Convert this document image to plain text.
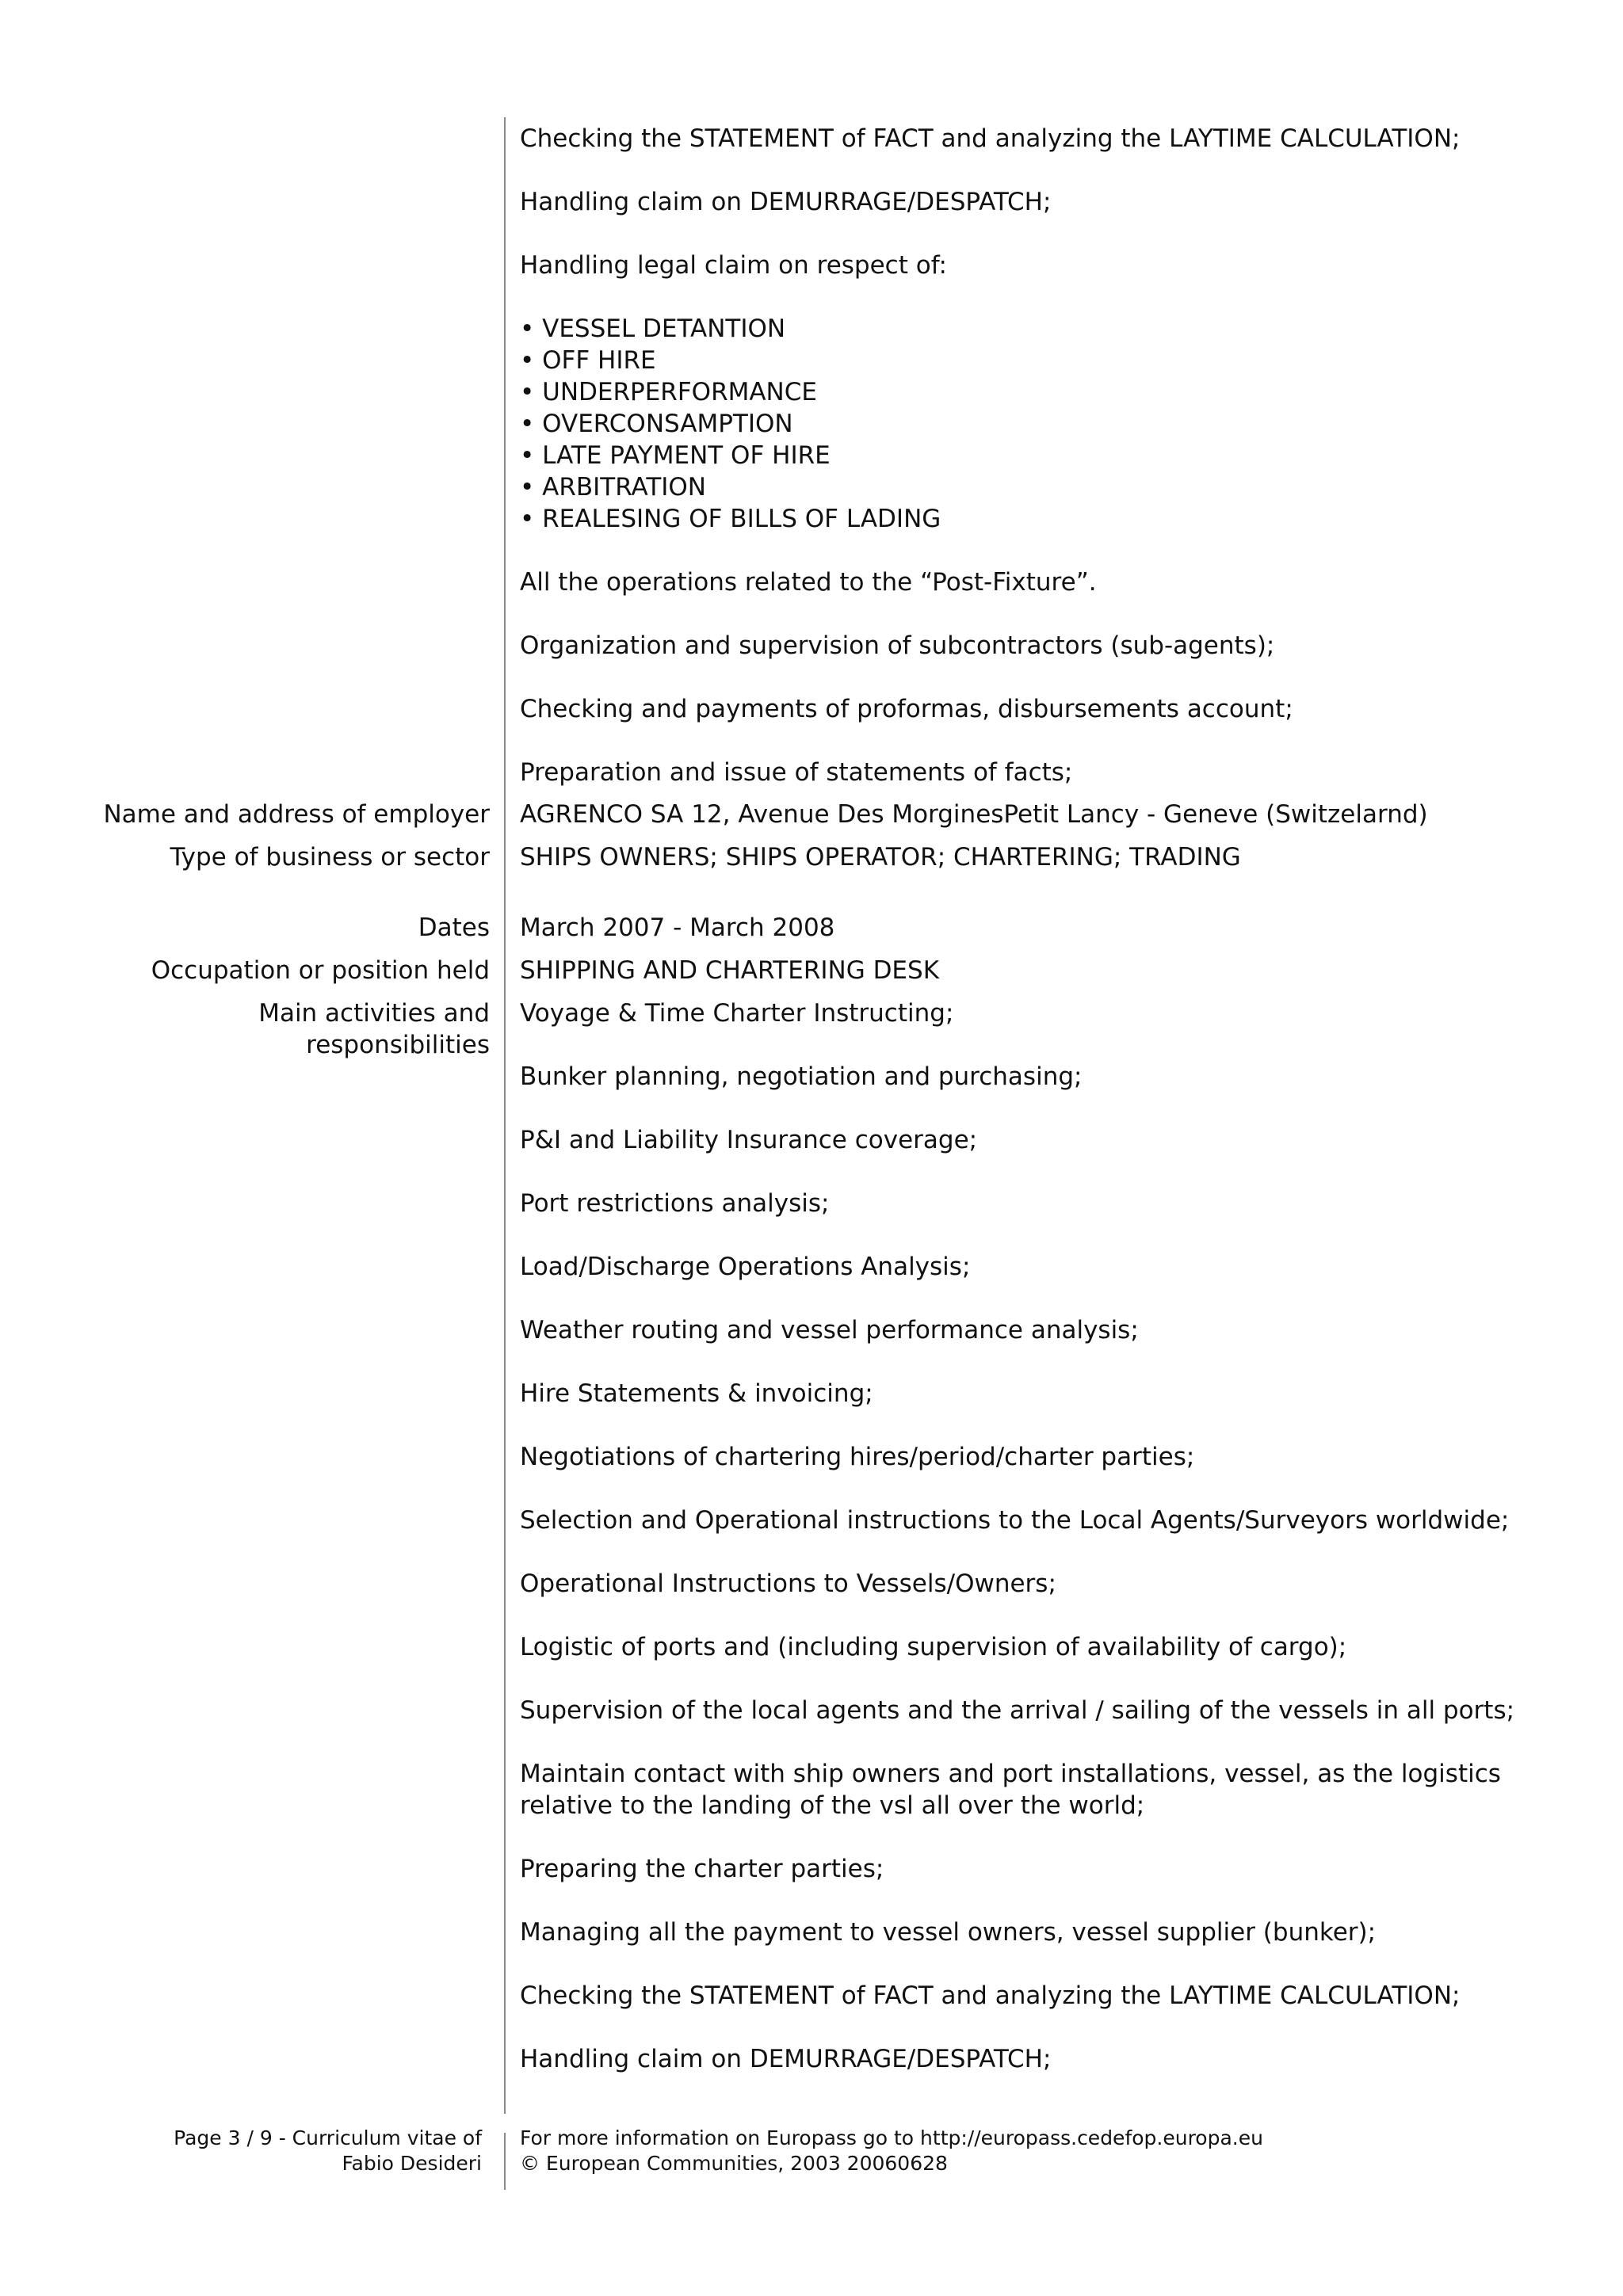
Checking the STATEMENT of FACT and analyzing the LAYTIME CALCULATION;
Handling claim on DEMURRAGE/DESPATCH;
Handling legal claim on respect of:
• VESSEL DETANTION
• OFF HIRE
• UNDERPERFORMANCE
• OVERCONSAMPTION
• LATE PAYMENT OF HIRE
• ARBITRATION
• REALESING OF BILLS OF LADING
All the operations related to the “Post-Fixture”.
Organization and supervision of subcontractors (sub-agents);
Checking and payments of proformas, disbursements account;
Preparation and issue of statements of facts;
Name and address of employer AGRENCO SA 12, Avenue Des MorginesPetit Lancy - Geneve (Switzelarnd)
Type of business or sector SHIPS OWNERS; SHIPS OPERATOR; CHARTERING; TRADING
Dates March 2007 - March 2008
Occupation or position held SHIPPING AND CHARTERING DESK
Main activities and
responsibilities
Voyage & Time Charter Instructing;
Bunker planning, negotiation and purchasing;
P&I and Liability Insurance coverage;
Port restrictions analysis;
Load/Discharge Operations Analysis;
Weather routing and vessel performance analysis;
Hire Statements & invoicing;
Negotiations of chartering hires/period/charter parties;
Selection and Operational instructions to the Local Agents/Surveyors worldwide;
Operational Instructions to Vessels/Owners;
Logistic of ports and (including supervision of availability of cargo);
Supervision of the local agents and the arrival / sailing of the vessels in all ports;
Maintain contact with ship owners and port installations, vessel, as the logistics
relative to the landing of the vsl all over the world;
Preparing the charter parties;
Managing all the payment to vessel owners, vessel supplier (bunker);
Checking the STATEMENT of FACT and analyzing the LAYTIME CALCULATION;
Handling claim on DEMURRAGE/DESPATCH;
Page 3 / 9 - Curriculum vitae of
Fabio Desideri
For more information on Europass go to http://europass.cedefop.europa.eu
© European Communities, 2003 20060628
